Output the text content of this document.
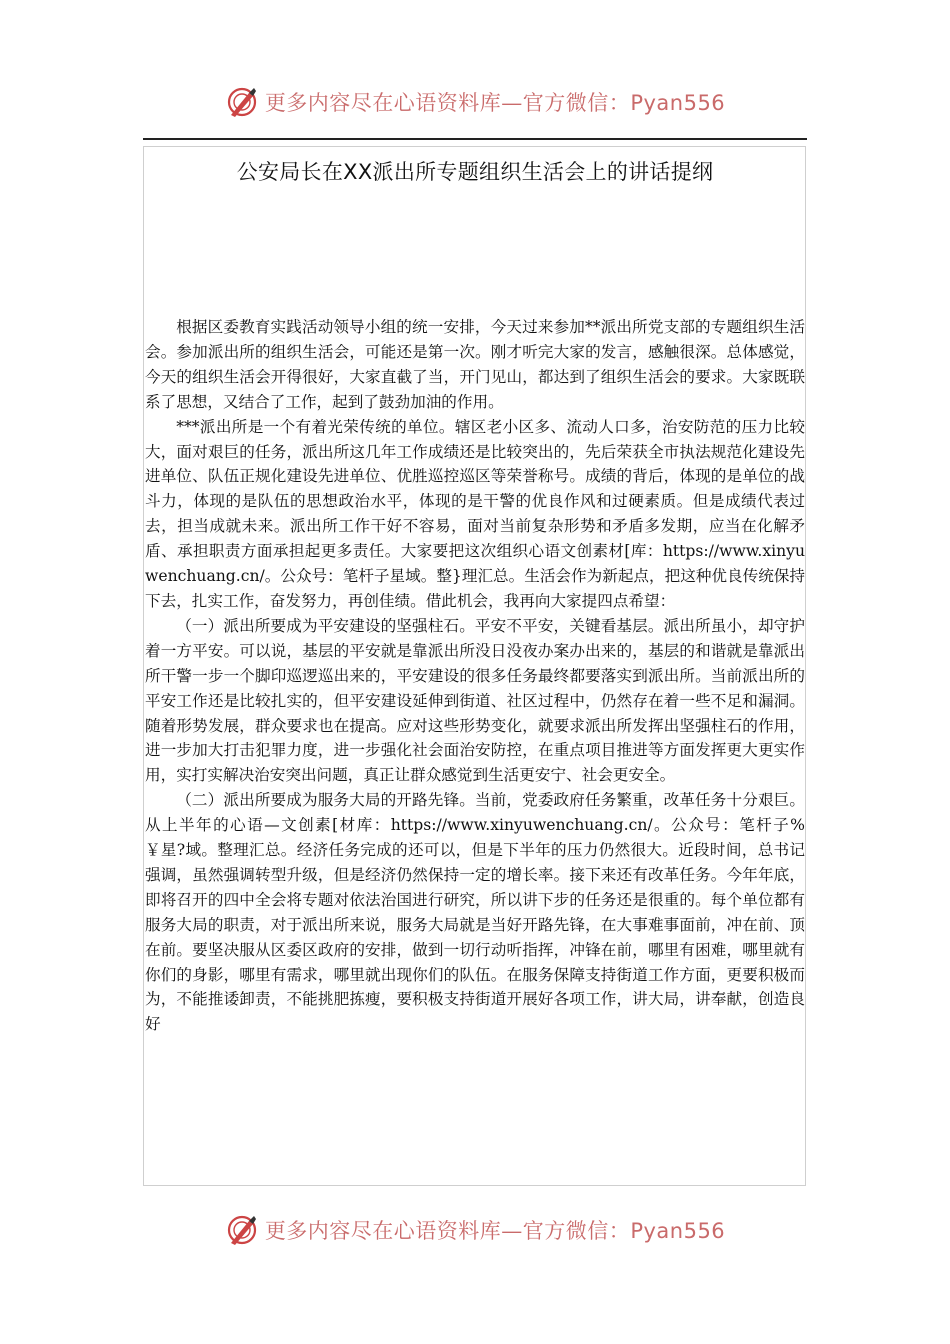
更多内容尽在心语资料库—官方微信：Pyan556
公安局长在XX派出所专题组织生活会上的讲话提纲

根据区委教育实践活动领导小组的统一安排，今天过来参加**派出所党支部的专题组织生活会。参加派出所的组织生活会，可能还是第一次。刚才听完大家的发言，感触很深。总体感觉，今天的组织生活会开得很好，大家直截了当，开门见山，都达到了组织生活会的要求。大家既联系了思想，又结合了工作，起到了鼓劲加油的作用。

***派出所是一个有着光荣传统的单位。辖区老小区多、流动人口多，治安防范的压力比较大，面对艰巨的任务，派出所这几年工作成绩还是比较突出的，先后荣获全市执法规范化建设先进单位、队伍正规化建设先进单位、优胜巡控巡区等荣誉称号。成绩的背后，体现的是单位的战斗力，体现的是队伍的思想政治水平，体现的是干警的优良作风和过硬素质。但是成绩代表过去，担当成就未来。派出所工作干好不容易，面对当前复杂形势和矛盾多发期，应当在化解矛盾、承担职责方面承担起更多责任。大家要把这次组织心语文创素材[库：https://www.xinyuwenchuang.cn/。公众号：笔杆子星域。整}理汇总。生活会作为新起点，把这种优良传统保持下去，扎实工作，奋发努力，再创佳绩。借此机会，我再向大家提四点希望：

（一）派出所要成为平安建设的坚强柱石。平安不平安，关键看基层。派出所虽小，却守护着一方平安。可以说，基层的平安就是靠派出所没日没夜办案办出来的，基层的和谐就是靠派出所干警一步一个脚印巡逻巡出来的，平安建设的很多任务最终都要落实到派出所。当前派出所的平安工作还是比较扎实的，但平安建设延伸到街道、社区过程中，仍然存在着一些不足和漏洞。随着形势发展，群众要求也在提高。应对这些形势变化，就要求派出所发挥出坚强柱石的作用，进一步加大打击犯罪力度，进一步强化社会面治安防控，在重点项目推进等方面发挥更大更实作用，实打实解决治安突出问题，真正让群众感觉到生活更安宁、社会更安全。

（二）派出所要成为服务大局的开路先锋。当前，党委政府任务繁重，改革任务十分艰巨。从上半年的心语—文创素[材库：https://www.xinyuwenchuang.cn/。公众号：笔杆子%￥星?域。整理汇总。经济任务完成的还可以，但是下半年的压力仍然很大。近段时间，总书记强调，虽然强调转型升级，但是经济仍然保持一定的增长率。接下来还有改革任务。今年年底，即将召开的四中全会将专题对依法治国进行研究，所以讲下步的任务还是很重的。每个单位都有服务大局的职责，对于派出所来说，服务大局就是当好开路先锋，在大事难事面前，冲在前、顶在前。要坚决服从区委区政府的安排，做到一切行动听指挥，冲锋在前，哪里有困难，哪里就有你们的身影，哪里有需求，哪里就出现你们的队伍。在服务保障支持街道工作方面，更要积极而为，不能推诿卸责，不能挑肥拣瘦，要积极支持街道开展好各项工作，讲大局，讲奉献，创造良好

更多内容尽在心语资料库—官方微信：Pyan556
